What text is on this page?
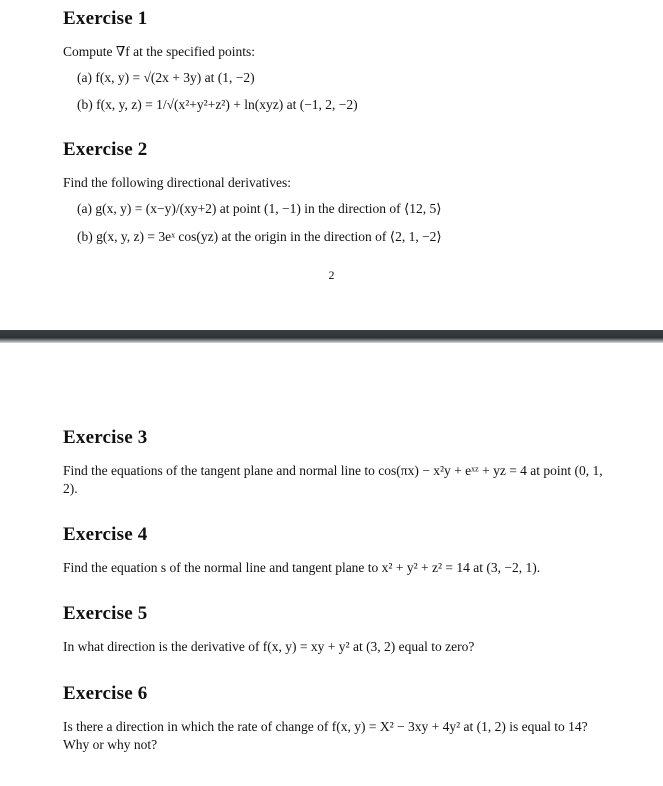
Exercise 1

Compute ∇f at the specified points:

(a) f(x, y) = √(2x + 3y) at (1, −2)

(b) f(x, y, z) = 1/√(x²+y²+z²) + ln(xyz) at (−1, 2, −2)

Exercise 2

Find the following directional derivatives:

(a) g(x, y) = (x−y)/(xy+2) at point (1, −1) in the direction of ⟨12, 5⟩

(b) g(x, y, z) = 3eˣ cos(yz) at the origin in the direction of ⟨2, 1, −2⟩

2
Exercise 3

Find the equations of the tangent plane and normal line to cos(πx) − x²y + eˣᶻ + yz = 4 at point (0, 1, 2).

Exercise 4

Find the equation s of the normal line and tangent plane to x² + y² + z² = 14 at (3, −2, 1).

Exercise 5

In what direction is the derivative of f(x, y) = xy + y² at (3, 2) equal to zero?

Exercise 6

Is there a direction in which the rate of change of f(x, y) = X² − 3xy + 4y² at (1, 2) is equal to 14? Why or why not?
